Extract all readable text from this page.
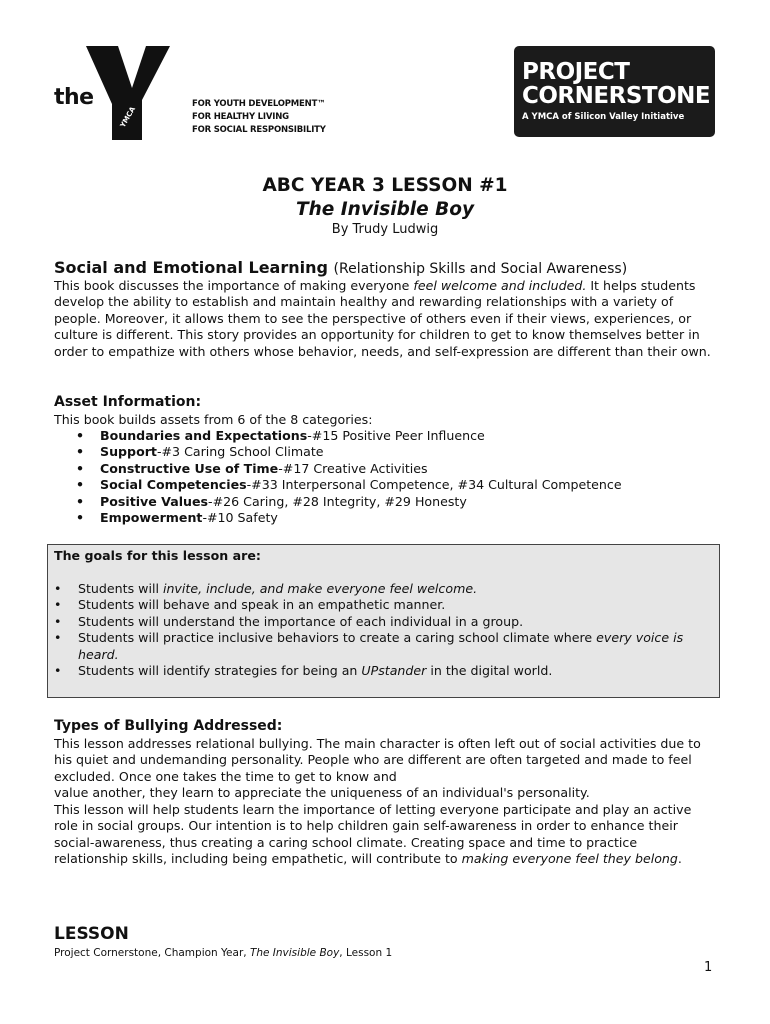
YMCA
the	FOR YOUTH DEVELOPMENT™
FOR HEALTHY LIVING
FOR SOCIAL RESPONSIBILITY
PROJECT
CORNERSTONE
A YMCA of Silicon Valley Initiative
ABC YEAR 3 LESSON #1
The Invisible Boy
By Trudy Ludwig
Social and Emotional Learning (Relationship Skills and Social Awareness)

This book discusses the importance of making everyone feel welcome and included. It helps students develop the ability to establish and maintain healthy and rewarding relationships with a variety of people. Moreover, it allows them to see the perspective of others even if their views, experiences, or culture is different. This story provides an opportunity for children to get to know themselves better in order to empathize with others whose behavior, needs, and self-expression are different than their own.

Asset Information:
This book builds assets from 6 of the 8 categories:
• Boundaries and Expectations-#15 Positive Peer Influence
• Support-#3 Caring School Climate
• Constructive Use of Time-#17 Creative Activities
• Social Competencies-#33 Interpersonal Competence, #34 Cultural Competence
• Positive Values-#26 Caring, #28 Integrity, #29 Honesty
• Empowerment-#10 Safety
The goals for this lesson are:
• Students will invite, include, and make everyone feel welcome.
• Students will behave and speak in an empathetic manner.
• Students will understand the importance of each individual in a group.
• Students will practice inclusive behaviors to create a caring school climate where every voice is heard.
• Students will identify strategies for being an UPstander in the digital world.
Types of Bullying Addressed:

This lesson addresses relational bullying. The main character is often left out of social activities due to his quiet and undemanding personality. People who are different are often targeted and made to feel excluded. Once one takes the time to get to know and
value another, they learn to appreciate the uniqueness of an individual's personality.

This lesson will help students learn the importance of letting everyone participate and play an active role in social groups. Our intention is to help children gain self-awareness in order to enhance their social-awareness, thus creating a caring school climate. Creating space and time to practice relationship skills, including being empathetic, will contribute to making everyone feel they belong.

LESSON
Project Cornerstone, Champion Year, The Invisible Boy, Lesson 1
1
